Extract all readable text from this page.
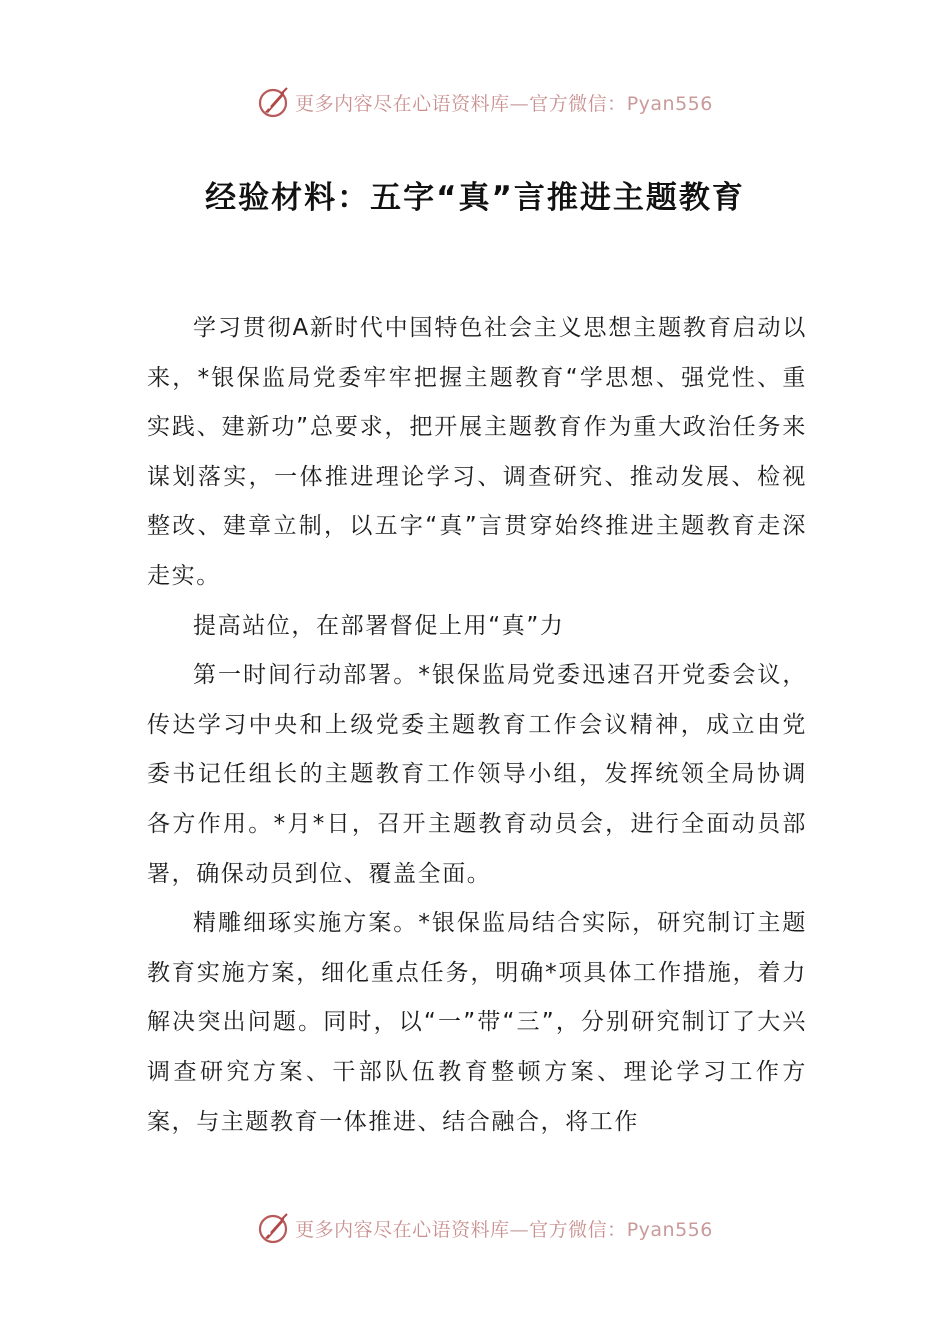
更多内容尽在心语资料库—官方微信：Pyan556
经验材料：五字“真”言推进主题教育

学习贯彻A新时代中国特色社会主义思想主题教育启动以来，*银保监局党委牢牢把握主题教育“学思想、强党性、重实践、建新功”总要求，把开展主题教育作为重大政治任务来谋划落实，一体推进理论学习、调查研究、推动发展、检视整改、建章立制，以五字“真”言贯穿始终推进主题教育走深走实。

提高站位，在部署督促上用“真”力

第一时间行动部署。*银保监局党委迅速召开党委会议，传达学习中央和上级党委主题教育工作会议精神，成立由党委书记任组长的主题教育工作领导小组，发挥统领全局协调各方作用。*月*日，召开主题教育动员会，进行全面动员部署，确保动员到位、覆盖全面。

精雕细琢实施方案。*银保监局结合实际，研究制订主题教育实施方案，细化重点任务，明确*项具体工作措施，着力解决突出问题。同时，以“一”带“三”，分别研究制订了大兴调查研究方案、干部队伍教育整顿方案、理论学习工作方案，与主题教育一体推进、结合融合，将工作

更多内容尽在心语资料库—官方微信：Pyan556
